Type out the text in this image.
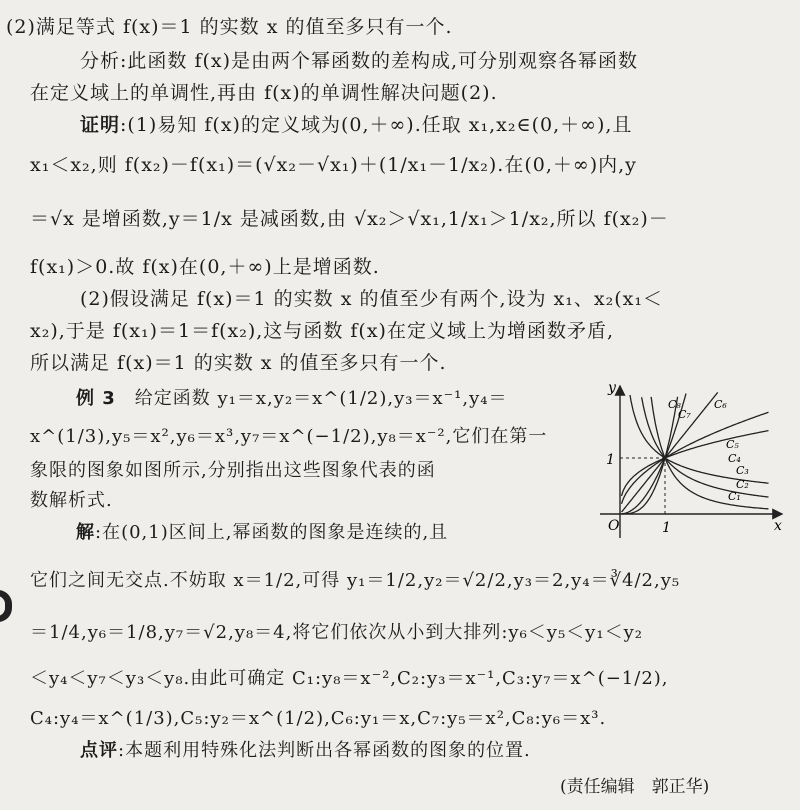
(2)满足等式 f(x)＝1 的实数 x 的值至多只有一个.
分析:此函数 f(x)是由两个幂函数的差构成,可分别观察各幂函数
在定义域上的单调性,再由 f(x)的单调性解决问题(2).
证明:(1)易知 f(x)的定义域为(0,＋∞).任取 x₁,x₂∈(0,＋∞),且
x₁＜x₂,则 f(x₂)－f(x₁)＝(√x₂－√x₁)＋(1/x₁－1/x₂).在(0,＋∞)内,y
＝√x 是增函数,y＝1/x 是减函数,由 √x₂＞√x₁,1/x₁＞1/x₂,所以 f(x₂)－
f(x₁)＞0.故 f(x)在(0,＋∞)上是增函数.
(2)假设满足 f(x)＝1 的实数 x 的值至少有两个,设为 x₁、x₂(x₁＜
x₂),于是 f(x₁)＝1＝f(x₂),这与函数 f(x)在定义域上为增函数矛盾,
所以满足 f(x)＝1 的实数 x 的值至多只有一个.
例 3　 给定函数 y₁＝x,y₂＝x^(1/2),y₃＝x⁻¹,y₄＝
x^(1/3),y₅＝x²,y₆＝x³,y₇＝x^(−1/2),y₈＝x⁻²,它们在第一
象限的图象如图所示,分别指出这些图象代表的函
数解析式.
解:在(0,1)区间上,幂函数的图象是连续的,且
它们之间无交点.不妨取 x＝1/2,可得 y₁＝1/2,y₂＝√2/2,y₃＝2,y₄＝∛4/2,y₅
＝1/4,y₆＝1/8,y₇＝√2,y₈＝4,将它们依次从小到大排列:y₆＜y₅＜y₁＜y₂
＜y₄＜y₇＜y₃＜y₈.由此可确定 C₁:y₈＝x⁻²,C₂:y₃＝x⁻¹,C₃:y₇＝x^(−1/2),
C₄:y₄＝x^(1/3),C₅:y₂＝x^(1/2),C₆:y₁＝x,C₇:y₅＝x²,C₈:y₆＝x³.
点评:本题利用特殊化法判断出各幂函数的图象的位置.
(责任编辑　郭正华)
y
x
O	1
1
C₁
C₂
C₃
C₄
C₅
C₆
C₇
C₈
